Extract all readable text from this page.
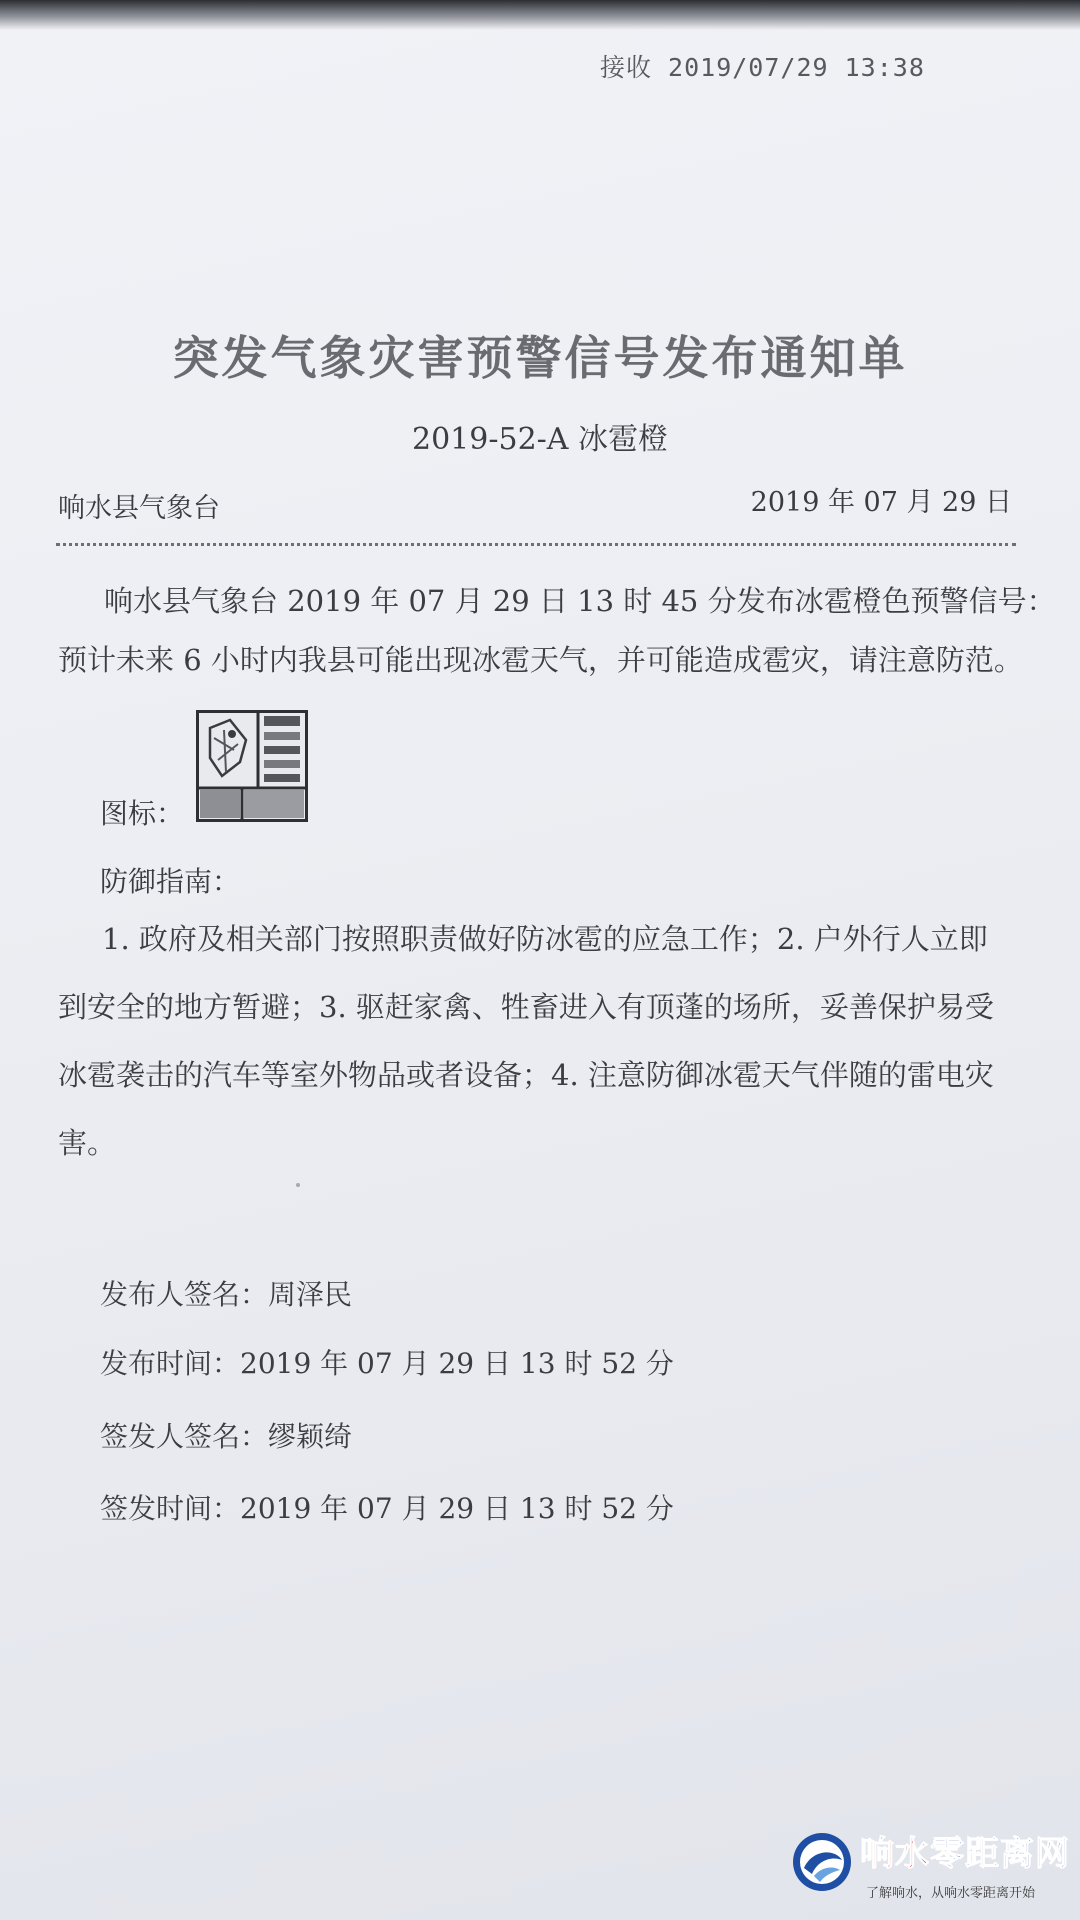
接收 2019/07/29 13:38
突发气象灾害预警信号发布通知单
2019-52-A 冰雹橙
响水县气象台	2019 年 07 月 29 日

响水县气象台 2019 年 07 月 29 日 13 时 45 分发布冰雹橙色预警信号：

预计未来 6 小时内我县可能出现冰雹天气，并可能造成雹灾，请注意防范。

图标：
防御指南：

1. 政府及相关部门按照职责做好防冰雹的应急工作；2. 户外行人立即

到安全的地方暂避；3. 驱赶家禽、牲畜进入有顶蓬的场所，妥善保护易受

冰雹袭击的汽车等室外物品或者设备；4. 注意防御冰雹天气伴随的雷电灾

害。

发布人签名：周泽民
发布时间：2019 年 07 月 29 日 13 时 52 分
签发人签名：缪颖绮
签发时间：2019 年 07 月 29 日 13 时 52 分
响水零距离网
了解响水，从响水零距离开始
